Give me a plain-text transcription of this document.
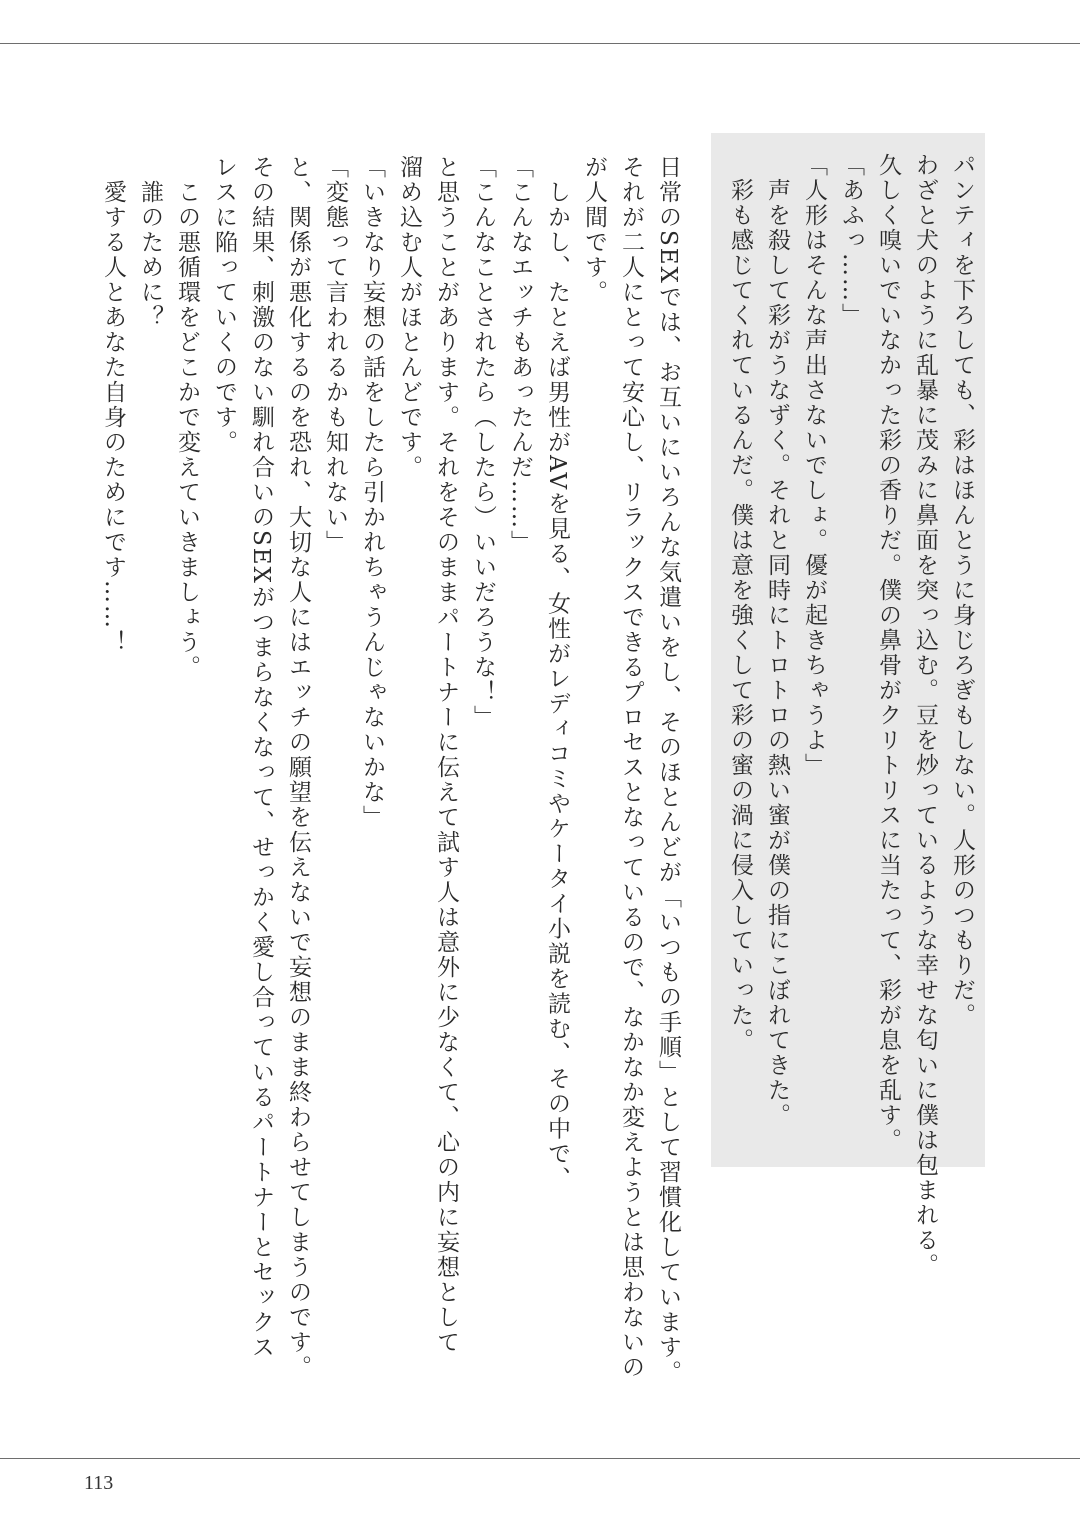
パンティを下ろしても、彩はほんとうに身じろぎもしない。人形のつもりだ。

わざと犬のように乱暴に茂みに鼻面を突っ込む。豆を炒っているような幸せな匂いに僕は包まれる。

久しく嗅いでいなかった彩の香りだ。僕の鼻骨がクリトリスに当たって、彩が息を乱す。

「あふっ……」

「人形はそんな声出さないでしょ。優が起きちゃうよ」

　声を殺して彩がうなずく。それと同時にトロトロの熱い蜜が僕の指にこぼれてきた。

　彩も感じてくれているんだ。僕は意を強くして彩の蜜の渦に侵入していった。

日常のSEXでは、お互いにいろんな気遣いをし、そのほとんどが「いつもの手順」として習慣化しています。

それが二人にとって安心し、リラックスできるプロセスとなっているので、なかなか変えようとは思わないの

が人間です。

　しかし、たとえば男性がAVを見る、女性がレディコミやケータイ小説を読む、その中で、

「こんなエッチもあったんだ……」

「こんなことされたら（したら）いいだろうな！」

と思うことがあります。それをそのままパートナーに伝えて試す人は意外に少なくて、心の内に妄想として

溜め込む人がほとんどです。

「いきなり妄想の話をしたら引かれちゃうんじゃないかな」

「変態って言われるかも知れない」

と、関係が悪化するのを恐れ、大切な人にはエッチの願望を伝えないで妄想のまま終わらせてしまうのです。

その結果、刺激のない馴れ合いのSEXがつまらなくなって、せっかく愛し合っているパートナーとセックス

レスに陥っていくのです。

　この悪循環をどこかで変えていきましょう。

　誰のために？

　愛する人とあなた自身のためにです……！

113
